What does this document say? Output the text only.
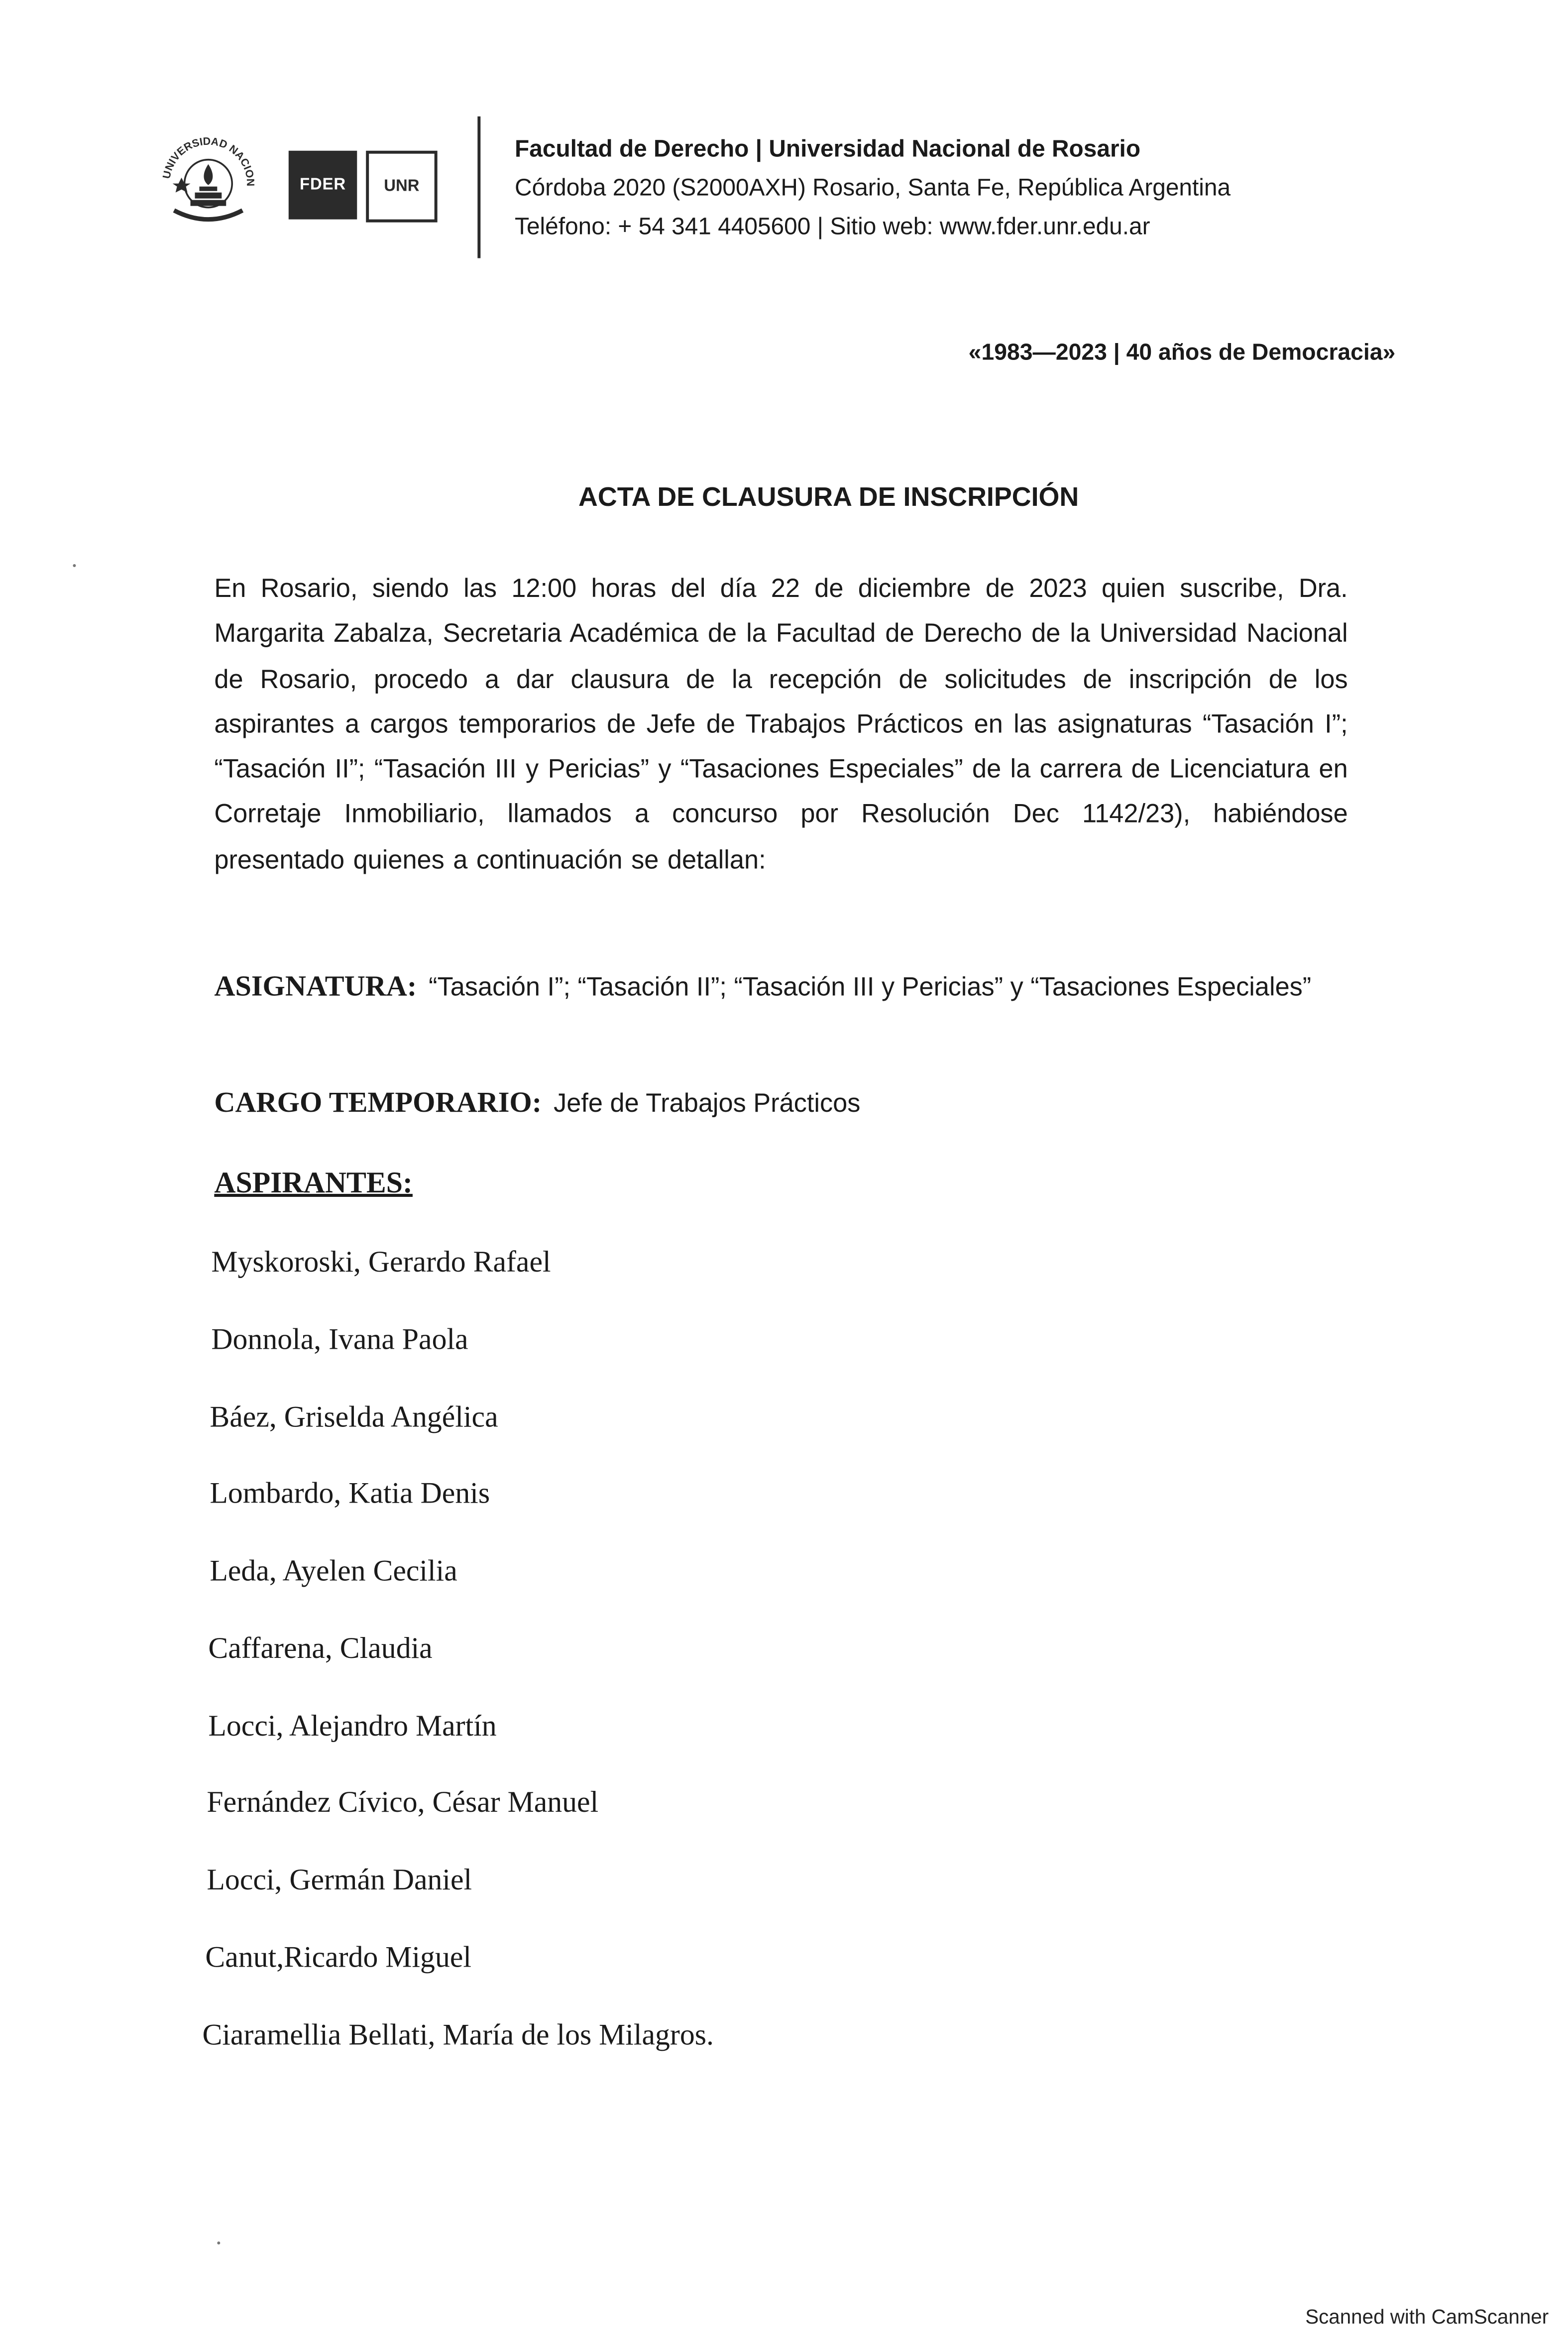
UNIVERSIDAD NACION	FDER	UNR
Facultad de Derecho | Universidad Nacional de Rosario
Córdoba 2020 (S2000AXH) Rosario, Santa Fe, República Argentina
Teléfono: + 54 341 4405600 | Sitio web: www.fder.unr.edu.ar
«1983—2023 | 40 años de Democracia»
ACTA DE CLAUSURA DE INSCRIPCIÓN
En Rosario, siendo las 12:00 horas del día 22 de diciembre de 2023 quien suscribe, Dra. Margarita Zabalza, Secretaria Académica de la Facultad de Derecho de la Universidad Nacional de Rosario, procedo a dar clausura de la recepción de solicitudes de inscripción de los aspirantes a cargos temporarios de Jefe de Trabajos Prácticos en las asignaturas “Tasación I”; “Tasación II”; “Tasación III y Pericias” y “Tasaciones Especiales” de la carrera de Licenciatura en Corretaje Inmobiliario, llamados a concurso por Resolución Dec 1142/23), habiéndose presentado quienes a continuación se detallan:
ASIGNATURA: “Tasación I”; “Tasación II”; “Tasación III y Pericias” y “Tasaciones Especiales”
CARGO TEMPORARIO: Jefe de Trabajos Prácticos
ASPIRANTES:
Myskoroski, Gerardo Rafael
Donnola, Ivana Paola
Báez, Griselda Angélica
Lombardo, Katia Denis
Leda, Ayelen Cecilia
Caffarena, Claudia
Locci, Alejandro Martín
Fernández Cívico, César Manuel
Locci, Germán Daniel
Canut,Ricardo Miguel
Ciaramellia Bellati, María de los Milagros.
Scanned with CamScanner
